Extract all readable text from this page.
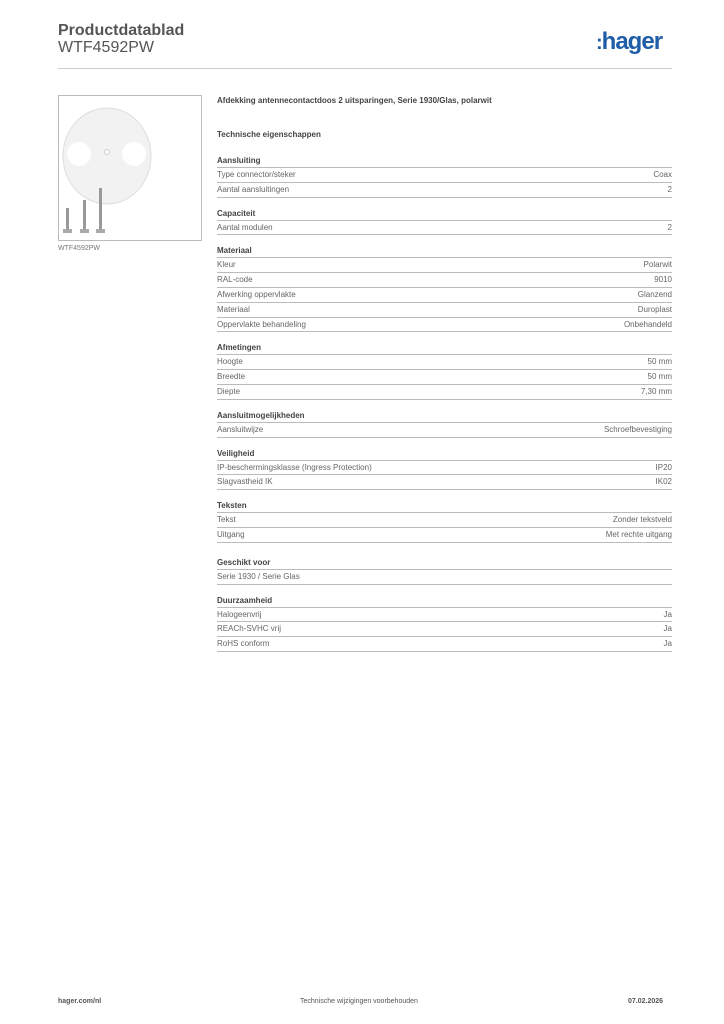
Productdatablad
WTF4592PW	:hager
WTF4592PW
Afdekking antennecontactdoos 2 uitsparingen, Serie 1930/Glas, polarwit
Technische eigenschappen
Aansluiting
Type connector/steker	Coax
Aantal aansluitingen	2
Capaciteit
Aantal modulen	2
Materiaal
Kleur	Polarwit
RAL-code	9010
Afwerking oppervlakte	Glanzend
Materiaal	Duroplast
Oppervlakte behandeling	Onbehandeld
Afmetingen
Hoogte	50 mm
Breedte	50 mm
Diepte	7,30 mm
Aansluitmogelijkheden
Aansluitwijze	Schroefbevestiging
Veiligheid
IP-beschermingsklasse (Ingress Protection)	IP20
Slagvastheid IK	IK02
Teksten
Tekst	Zonder tekstveld
Uitgang	Met rechte uitgang
Geschikt voor
Serie 1930 / Serie Glas
Duurzaamheid
Halogeenvrij	Ja
REACh-SVHC vrij	Ja
RoHS conform	Ja
hager.com/nl	Technische wijzigingen voorbehouden	07.02.2026
